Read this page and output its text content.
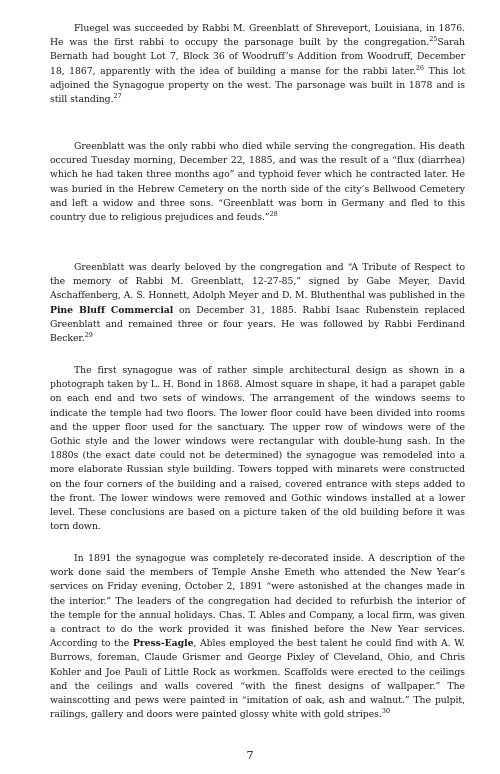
Fluegel was succeeded by Rabbi M. Greenblatt of Shreveport, Louisiana, in 1876. He was the first rabbi to occupy the parsonage built by the congregation.$^{25}$Sarah Bernath had bought Lot 7, Block 36 of Woodruff’s Addition from Woodruff, December 18, 1867, apparently with the idea of building a manse for the rabbi later.$^{26}$ This lot adjoined the Synagogue property on the west. The parsonage was built in 1878 and is still standing.$^{27}$

Greenblatt was the only rabbi who died while serving the congregation. His death occured Tuesday morning, December 22, 1885, and was the result of a “flux (diarrhea) which he had taken three months ago” and typhoid fever which he contracted later. He was buried in the Hebrew Cemetery on the north side of the city’s Bellwood Cemetery and left a widow and three sons. “Greenblatt was born in Germany and fled to this country due to religious prejudices and feuds.”$^{28}$

Greenblatt was dearly beloved by the congregation and “A Tribute of Respect to the memory of Rabbi M. Greenblatt, 12-27-85,” signed by Gabe Meyer, David Aschaffenberg, A. S. Honnett, Adolph Meyer and D. M. Bluthenthal was published in the Pine Bluff Commercial on December 31, 1885. Rabbi Isaac Rubenstein replaced Greenblatt and remained three or four years. He was followed by Rabbi Ferdinand Becker.$^{29}$

The first synagogue was of rather simple architectural design as shown in a photograph taken by L. H. Bond in 1868. Almost square in shape, it had a parapet gable on each end and two sets of windows. The arrangement of the windows seems to indicate the temple had two floors. The lower floor could have been divided into rooms and the upper floor used for the sanctuary. The upper row of windows were of the Gothic style and the lower windows were rectangular with double-hung sash. In the 1880s (the exact date could not be determined) the synagogue was remodeled into a more elaborate Russian style building. Towers topped with minarets were constructed on the four corners of the building and a raised, covered entrance with steps added to the front. The lower windows were removed and Gothic windows installed at a lower level. These conclusions are based on a picture taken of the old building before it was torn down.

In 1891 the synagogue was completely re-decorated inside. A description of the work done said the members of Temple Anshe Emeth who attended the New Year’s services on Friday evening, October 2, 1891 “were astonished at the changes made in the interior.” The leaders of the congregation had decided to refurbish the interior of the temple for the annual holidays. Chas. T. Ables and Company, a local firm, was given a contract to do the work provided it was finished before the New Year services. According to the Press-Eagle, Ables employed the best talent he could find with A. W. Burrows, foreman, Claude Grismer and George Pixley of Cleveland, Ohio, and Chris Kohler and Joe Pauli of Little Rock as workmen. Scaffolds were erected to the ceilings and the ceilings and walls covered “with the finest designs of wallpaper.” The wainscotting and pews were painted in “imitation of oak, ash and walnut.” The pulpit, railings, gallery and doors were painted glossy white with gold stripes.$^{30}$

7
